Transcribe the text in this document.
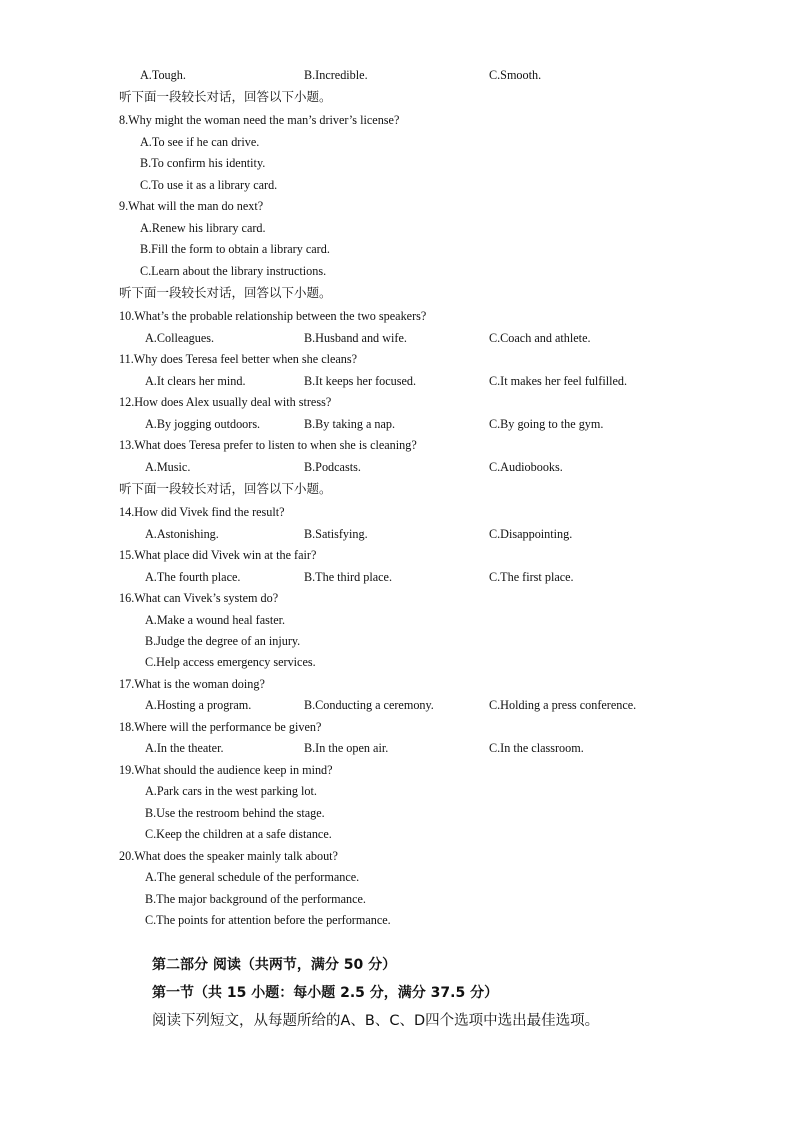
A.Tough.	B.Incredible.	C.Smooth.
听下面一段较长对话，回答以下小题。
8.Why might the woman need the man’s driver’s license?
A.To see if he can drive.
B.To confirm his identity.
C.To use it as a library card.
9.What will the man do next?
A.Renew his library card.
B.Fill the form to obtain a library card.
C.Learn about the library instructions.
听下面一段较长对话，回答以下小题。
10.What’s the probable relationship between the two speakers?
A.Colleagues.	B.Husband and wife.	C.Coach and athlete.
11.Why does Teresa feel better when she cleans?
A.It clears her mind.	B.It keeps her focused.	C.It makes her feel fulfilled.
12.How does Alex usually deal with stress?
A.By jogging outdoors.	B.By taking a nap.	C.By going to the gym.
13.What does Teresa prefer to listen to when she is cleaning?
A.Music.	B.Podcasts.	C.Audiobooks.
听下面一段较长对话，回答以下小题。
14.How did Vivek find the result?
A.Astonishing.	B.Satisfying.	C.Disappointing.
15.What place did Vivek win at the fair?
A.The fourth place.	B.The third place.	C.The first place.
16.What can Vivek’s system do?
A.Make a wound heal faster.
B.Judge the degree of an injury.
C.Help access emergency services.
17.What is the woman doing?
A.Hosting a program.	B.Conducting a ceremony.	C.Holding a press conference.
18.Where will the performance be given?
A.In the theater.	B.In the open air.	C.In the classroom.
19.What should the audience keep in mind?
A.Park cars in the west parking lot.
B.Use the restroom behind the stage.
C.Keep the children at a safe distance.
20.What does the speaker mainly talk about?
A.The general schedule of the performance.
B.The major background of the performance.
C.The points for attention before the performance.
第二部分 阅读（共两节，满分 50 分）
第一节（共 15 小题：每小题 2.5 分，满分 37.5 分）
阅读下列短文，从每题所给的A、B、C、D四个选项中选出最佳选项。
